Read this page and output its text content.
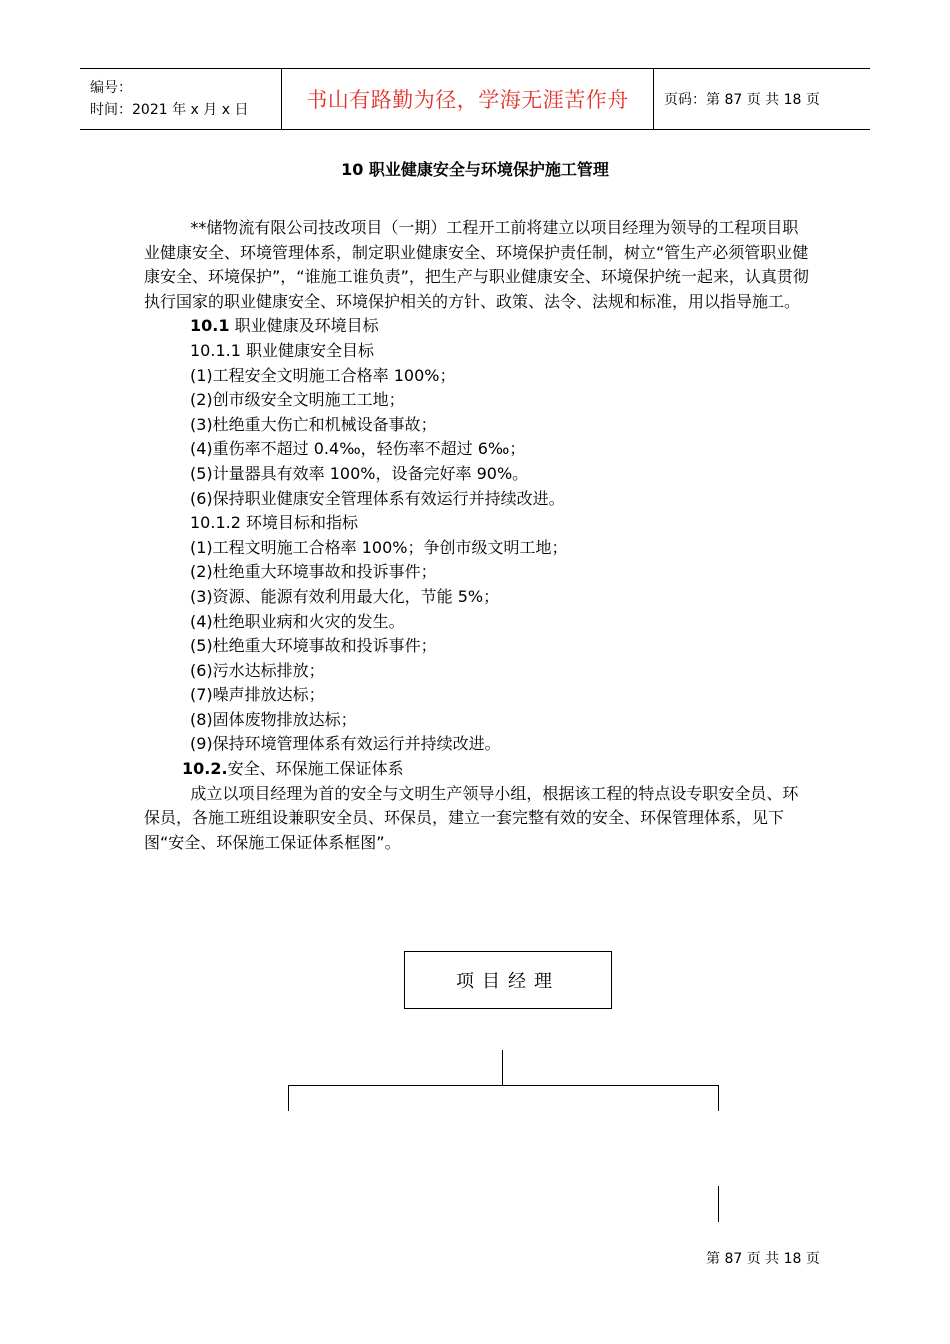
编号：
时间：2021 年 x 月 x 日	书山有路勤为径，学海无涯苦作舟	页码：第 87 页 共 18 页
10 职业健康安全与环境保护施工管理

**储物流有限公司技改项目（一期）工程开工前将建立以项目经理为领导的工程项目职业健康安全、环境管理体系，制定职业健康安全、环境保护责任制，树立“管生产必须管职业健康安全、环境保护”，“谁施工谁负责”，把生产与职业健康安全、环境保护统一起来，认真贯彻执行国家的职业健康安全、环境保护相关的方针、政策、法令、法规和标准，用以指导施工。

10.1 职业健康及环境目标

10.1.1 职业健康安全目标

(1)工程安全文明施工合格率 100%；

(2)创市级安全文明施工工地；

(3)杜绝重大伤亡和机械设备事故；

(4)重伤率不超过 0.4‰，轻伤率不超过 6‰；

(5)计量器具有效率 100%，设备完好率 90%。

(6)保持职业健康安全管理体系有效运行并持续改进。

10.1.2 环境目标和指标

(1)工程文明施工合格率 100%；争创市级文明工地；

(2)杜绝重大环境事故和投诉事件；

(3)资源、能源有效利用最大化，节能 5%；

(4)杜绝职业病和火灾的发生。

(5)杜绝重大环境事故和投诉事件；

(6)污水达标排放；

(7)噪声排放达标；

(8)固体废物排放达标；

(9)保持环境管理体系有效运行并持续改进。

10.2.安全、环保施工保证体系

成立以项目经理为首的安全与文明生产领导小组，根据该工程的特点设专职安全员、环保员，各施工班组设兼职安全员、环保员，建立一套完整有效的安全、环保管理体系，见下图“安全、环保施工保证体系框图”。

项目经理
第 87 页 共 18 页
